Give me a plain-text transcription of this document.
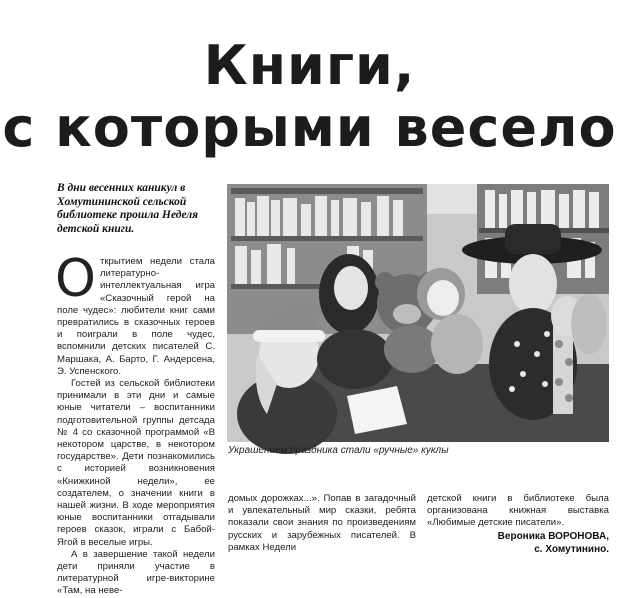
Книги,
с которыми весело
В дни весенних каникул в Хомутининской сельской библиотеке прошла Неделя детской книги.

Открытием недели стала литературно-интеллектуальная игра «Сказочный герой на поле чудес»: любители книг сами превратились в сказочных героев и поиграли в поле чудес, вспомнили детских писателей С. Маршака, А. Барто, Г. Андерсена, Э. Успенского.

Гостей из сельской библиотеки принимали в эти дни и самые юные читатели – воспитанники подготовительной группы детсада № 4 со сказочной программой «В некотором царстве, в некотором государстве». Дети познакомились с историей возникновения «Книжкиной недели», ее создателем, о значении книги в нашей жизни. В ходе мероприятия юные воспитанники отгадывали героев сказок, играли с Бабой-Ягой в веселые игры.

А в завершение такой недели дети приняли участие в литературной игре-викторине «Там, на неве-

Украшением праздника стали «ручные» куклы

домых дорожках...». Попав в загадочный и увлекательный мир сказки, ребята показали свои знания по произведениям русских и зарубежных писателей. В рамках Недели

детской книги в библиотеке была организована книжная выставка «Любимые детские писатели».

Вероника ВОРОНОВА,
с. Хомутинино.
